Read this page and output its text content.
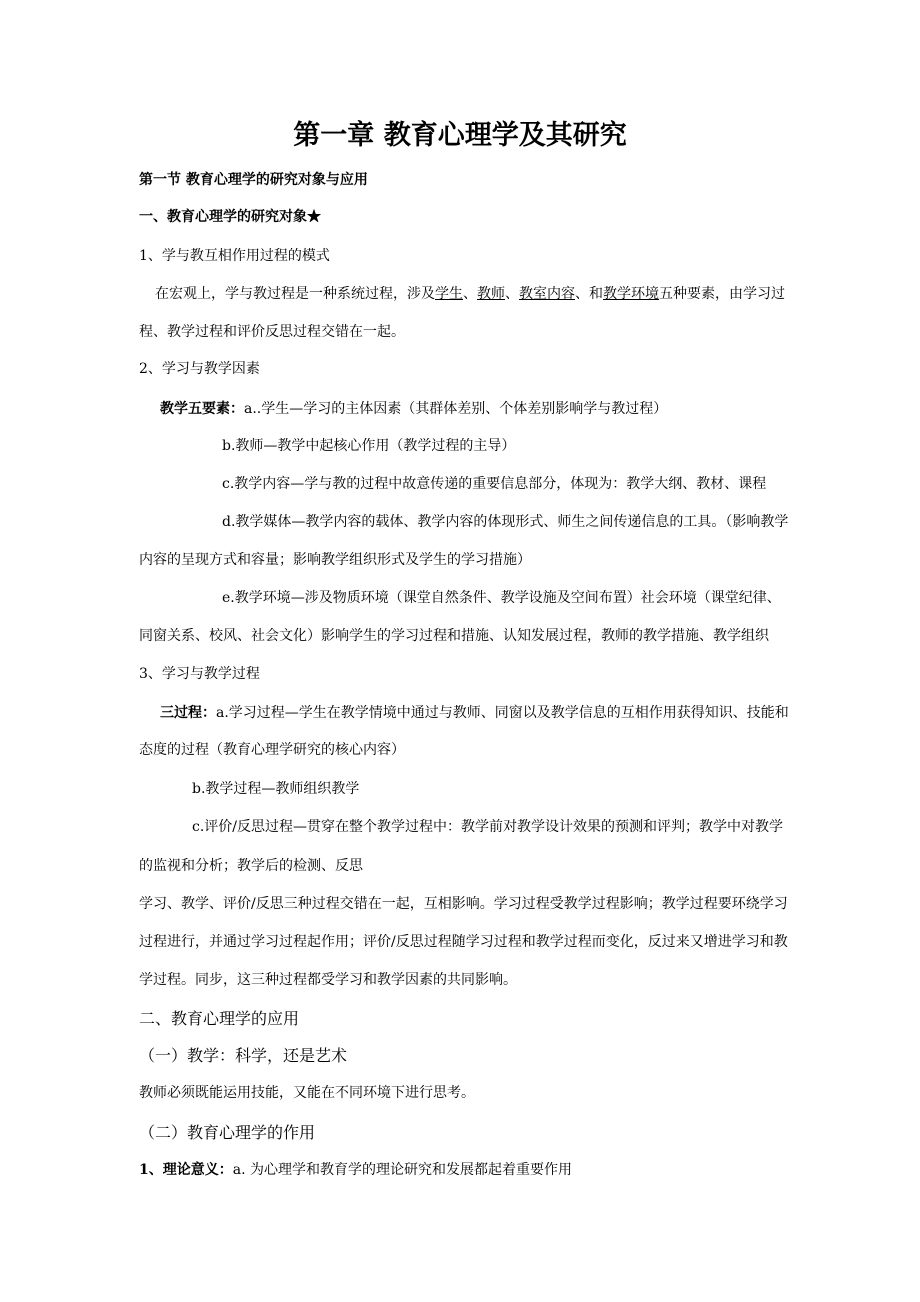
第一章 教育心理学及其研究
第一节 教育心理学的研究对象与应用
一、教育心理学的研究对象★
1、学与教互相作用过程的模式
在宏观上，学与教过程是一种系统过程，涉及学生、教师、教室内容、和教学环境五种要素，由学习过
程、教学过程和评价反思过程交错在一起。
2、学习与教学因素
教学五要素：a..学生—学习的主体因素（其群体差别、个体差别影响学与教过程）
b.教师—教学中起核心作用（教学过程的主导）
c.教学内容—学与教的过程中故意传递的重要信息部分，体现为：教学大纲、教材、课程
d.教学媒体—教学内容的载体、教学内容的体现形式、师生之间传递信息的工具。（影响教学
内容的呈现方式和容量；影响教学组织形式及学生的学习措施）
e.教学环境—涉及物质环境（课堂自然条件、教学设施及空间布置）社会环境（课堂纪律、
同窗关系、校风、社会文化）影响学生的学习过程和措施、认知发展过程，教师的教学措施、教学组织
3、学习与教学过程
三过程：a.学习过程—学生在教学情境中通过与教师、同窗以及教学信息的互相作用获得知识、技能和
态度的过程（教育心理学研究的核心内容）
b.教学过程—教师组织教学
c.评价/反思过程—贯穿在整个教学过程中：教学前对教学设计效果的预测和评判；教学中对教学
的监视和分析；教学后的检测、反思
学习、教学、评价/反思三种过程交错在一起，互相影响。学习过程受教学过程影响；教学过程要环绕学习
过程进行，并通过学习过程起作用；评价/反思过程随学习过程和教学过程而变化，反过来又增进学习和教
学过程。同步，这三种过程都受学习和教学因素的共同影响。
二、教育心理学的应用
（一）教学：科学，还是艺术
教师必须既能运用技能，又能在不同环境下进行思考。
（二）教育心理学的作用
1、理论意义：a. 为心理学和教育学的理论研究和发展都起着重要作用
